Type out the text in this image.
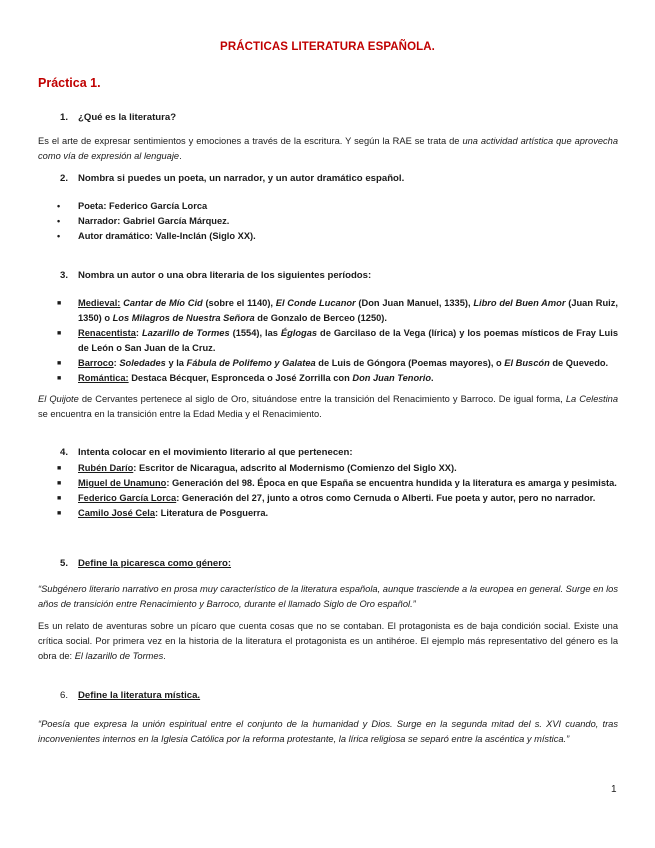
PRÁCTICAS LITERATURA ESPAÑOLA.
Práctica 1.
1. ¿Qué es la literatura?
Es el arte de expresar sentimientos y emociones a través de la escritura. Y según la RAE se trata de una actividad artística que aprovecha como vía de expresión al lenguaje.
2. Nombra si puedes un poeta, un narrador, y un autor dramático español.
• Poeta: Federico García Lorca
• Narrador: Gabriel García Márquez.
• Autor dramático: Valle-Inclán (Siglo XX).
3. Nombra un autor o una obra literaria de los siguientes períodos:
■ Medieval: Cantar de Mío Cid (sobre el 1140), El Conde Lucanor (Don Juan Manuel, 1335), Libro del Buen Amor (Juan Ruiz, 1350) o Los Milagros de Nuestra Señora de Gonzalo de Berceo (1250).
■ Renacentista: Lazarillo de Tormes (1554), las Églogas de Garcilaso de la Vega (lírica) y los poemas místicos de Fray Luis de León o San Juan de la Cruz.
■ Barroco: Soledades y la Fábula de Polifemo y Galatea de Luis de Góngora (Poemas mayores), o El Buscón de Quevedo.
■ Romántica: Destaca Bécquer, Espronceda o José Zorrilla con Don Juan Tenorio.
El Quijote de Cervantes pertenece al siglo de Oro, situándose entre la transición del Renacimiento y Barroco. De igual forma, La Celestina se encuentra en la transición entre la Edad Media y el Renacimiento.
4. Intenta colocar en el movimiento literario al que pertenecen:
■ Rubén Darío: Escritor de Nicaragua, adscrito al Modernismo (Comienzo del Siglo XX).
■ Miguel de Unamuno: Generación del 98. Época en que España se encuentra hundida y la literatura es amarga y pesimista.
■ Federico García Lorca: Generación del 27, junto a otros como Cernuda o Alberti. Fue poeta y autor, pero no narrador.
■ Camilo José Cela: Literatura de Posguerra.
5. Define la picaresca como género:
“Subgénero literario narrativo en prosa muy característico de la literatura española, aunque trasciende a la europea en general. Surge en los años de transición entre Renacimiento y Barroco, durante el llamado Siglo de Oro español.”
Es un relato de aventuras sobre un pícaro que cuenta cosas que no se contaban. El protagonista es de baja condición social. Existe una crítica social. Por primera vez en la historia de la literatura el protagonista es un antihéroe. El ejemplo más representativo del género es la obra de: El lazarillo de Tormes.
6. Define la literatura mística.
“Poesía que expresa la unión espiritual entre el conjunto de la humanidad y Dios. Surge en la segunda mitad del s. XVI cuando, tras inconvenientes internos en la Iglesia Católica por la reforma protestante, la lírica religiosa se separó entre la ascéntica y mística.”
1
